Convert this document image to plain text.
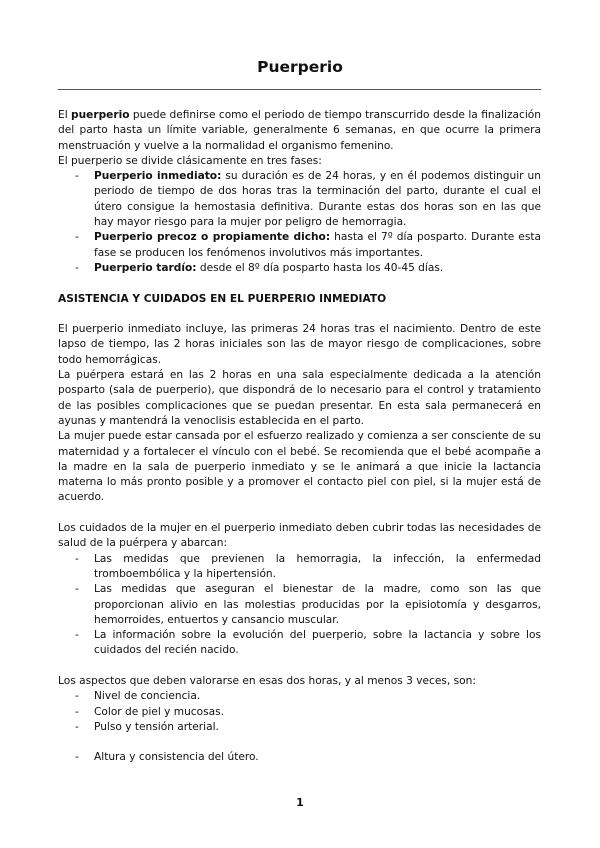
Puerperio

El puerperio puede definirse como el periodo de tiempo transcurrido desde la finalización del parto hasta un límite variable, generalmente 6 semanas, en que ocurre la primera menstruación y vuelve a la normalidad el organismo femenino.

El puerperio se divide clásicamente en tres fases:

- Puerperio inmediato: su duración es de 24 horas, y en él podemos distinguir un periodo de tiempo de dos horas tras la terminación del parto, durante el cual el útero consigue la hemostasia definitiva. Durante estas dos horas son en las que hay mayor riesgo para la mujer por peligro de hemorragia.
- Puerperio precoz o propiamente dicho: hasta el 7º día posparto. Durante esta fase se producen los fenómenos involutivos más importantes.
- Puerperio tardío: desde el 8º día posparto hasta los 40-45 días.

ASISTENCIA Y CUIDADOS EN EL PUERPERIO INMEDIATO

El puerperio inmediato incluye, las primeras 24 horas tras el nacimiento. Dentro de este lapso de tiempo, las 2 horas iniciales son las de mayor riesgo de complicaciones, sobre todo hemorrágicas.

La puérpera estará en las 2 horas en una sala especialmente dedicada a la atención posparto (sala de puerperio), que dispondrá de lo necesario para el control y tratamiento de las posibles complicaciones que se puedan presentar. En esta sala permanecerá en ayunas y mantendrá la venoclisis establecida en el parto.

La mujer puede estar cansada por el esfuerzo realizado y comienza a ser consciente de su maternidad y a fortalecer el vínculo con el bebé. Se recomienda que el bebé acompañe a la madre en la sala de puerperio inmediato y se le animará a que inicie la lactancia materna lo más pronto posible y a promover el contacto piel con piel, si la mujer está de acuerdo.

Los cuidados de la mujer en el puerperio inmediato deben cubrir todas las necesidades de salud de la puérpera y abarcan:

- Las medidas que previenen la hemorragia, la infección, la enfermedad tromboembólica y la hipertensión.
- Las medidas que aseguran el bienestar de la madre, como son las que proporcionan alivio en las molestias producidas por la episiotomía y desgarros, hemorroides, entuertos y cansancio muscular.
- La información sobre la evolución del puerperio, sobre la lactancia y sobre los cuidados del recién nacido.

Los aspectos que deben valorarse en esas dos horas, y al menos 3 veces, son:

- Nivel de conciencia.
- Color de piel y mucosas.
- Pulso y tensión arterial.
- Altura y consistencia del útero.
1
